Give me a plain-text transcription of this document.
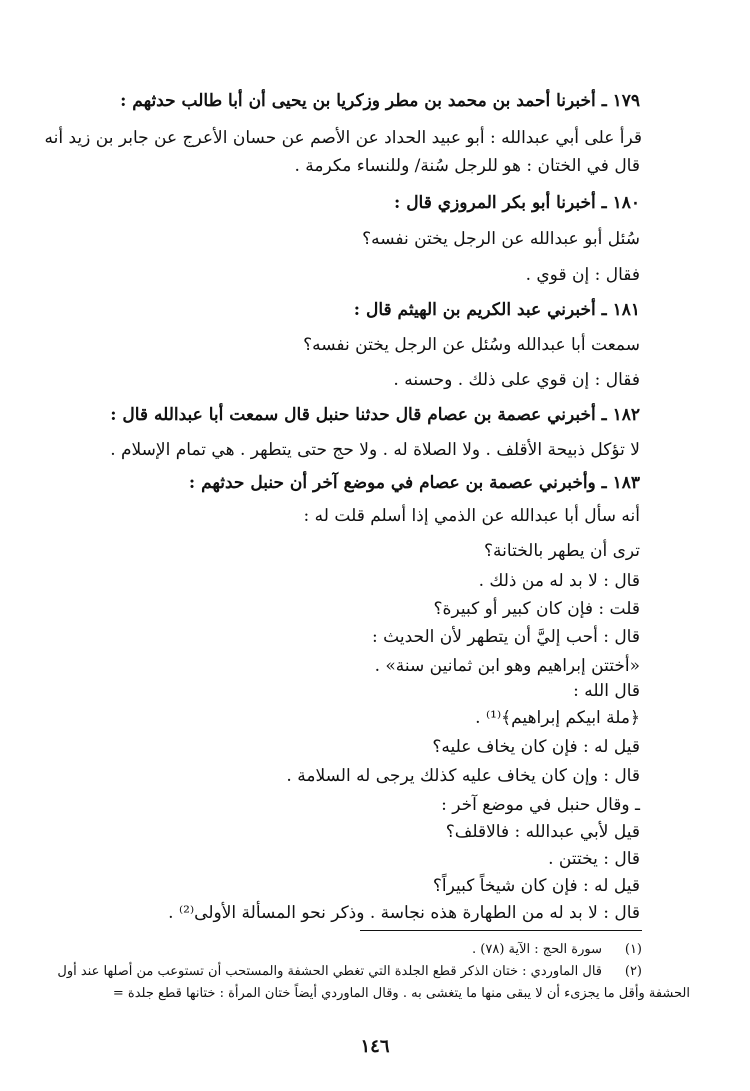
١٧٩ ـ أخبرنا أحمد بن محمد بن مطر وزكريا بن يحيى أن أبا طالب حدثهم :
قرأ على أبي عبدالله : أبو عبيد الحداد عن الأصم عن حسان الأعرج عن جابر بن زيد أنه
قال في الختان : هو للرجل سُنة/ وللنساء مكرمة .
١٨٠ ـ أخبرنا أبو بكر المروزي قال :
سُئل أبو عبدالله عن الرجل يختن نفسه؟
فقال : إن قوي .
١٨١ ـ أخبرني عبد الكريم بن الهيثم قال :
سمعت أبا عبدالله وسُئل عن الرجل يختن نفسه؟
فقال : إن قوي على ذلك . وحسنه .
١٨٢ ـ أخبرني عصمة بن عصام قال حدثنا حنبل قال سمعت أبا عبدالله قال :
لا تؤكل ذبيحة الأقلف . ولا الصلاة له . ولا حج حتى يتطهر . هي تمام الإسلام .
١٨٣ ـ وأخبرني عصمة بن عصام في موضع آخر أن حنبل حدثهم :
أنه سأل أبا عبدالله عن الذمي إذا أسلم قلت له :
ترى أن يطهر بالختانة؟
قال : لا بد له من ذلك .
قلت : فإن كان كبير أو كبيرة؟
قال : أحب إليَّ أن يتطهر لأن الحديث :
«أختتن إبراهيم وهو ابن ثمانين سنة» .
قال الله :
﴿ملة ابيكم إبراهيم﴾⁽¹⁾ .
قيل له : فإن كان يخاف عليه؟
قال : وإن كان يخاف عليه كذلك يرجى له السلامة .
ـ وقال حنبل في موضع آخر :
قيل لأبي عبدالله : فالاقلف؟
قال : يختتن .
قيل له : فإن كان شيخاً كبيراً؟
قال : لا بد له من الطهارة هذه نجاسة . وذكر نحو المسألة الأولى⁽²⁾ .
(١)سورة الحج : الآية (٧٨) .
(٢)قال الماوردي : ختان الذكر قطع الجلدة التي تغطي الحشفة والمستحب أن تستوعب من أصلها عند أول
الحشفة وأقل ما يجزىء أن لا يبقى منها ما يتغشى به . وقال الماوردي أيضاً ختان المرأة : ختانها قطع جلدة =
١٤٦
